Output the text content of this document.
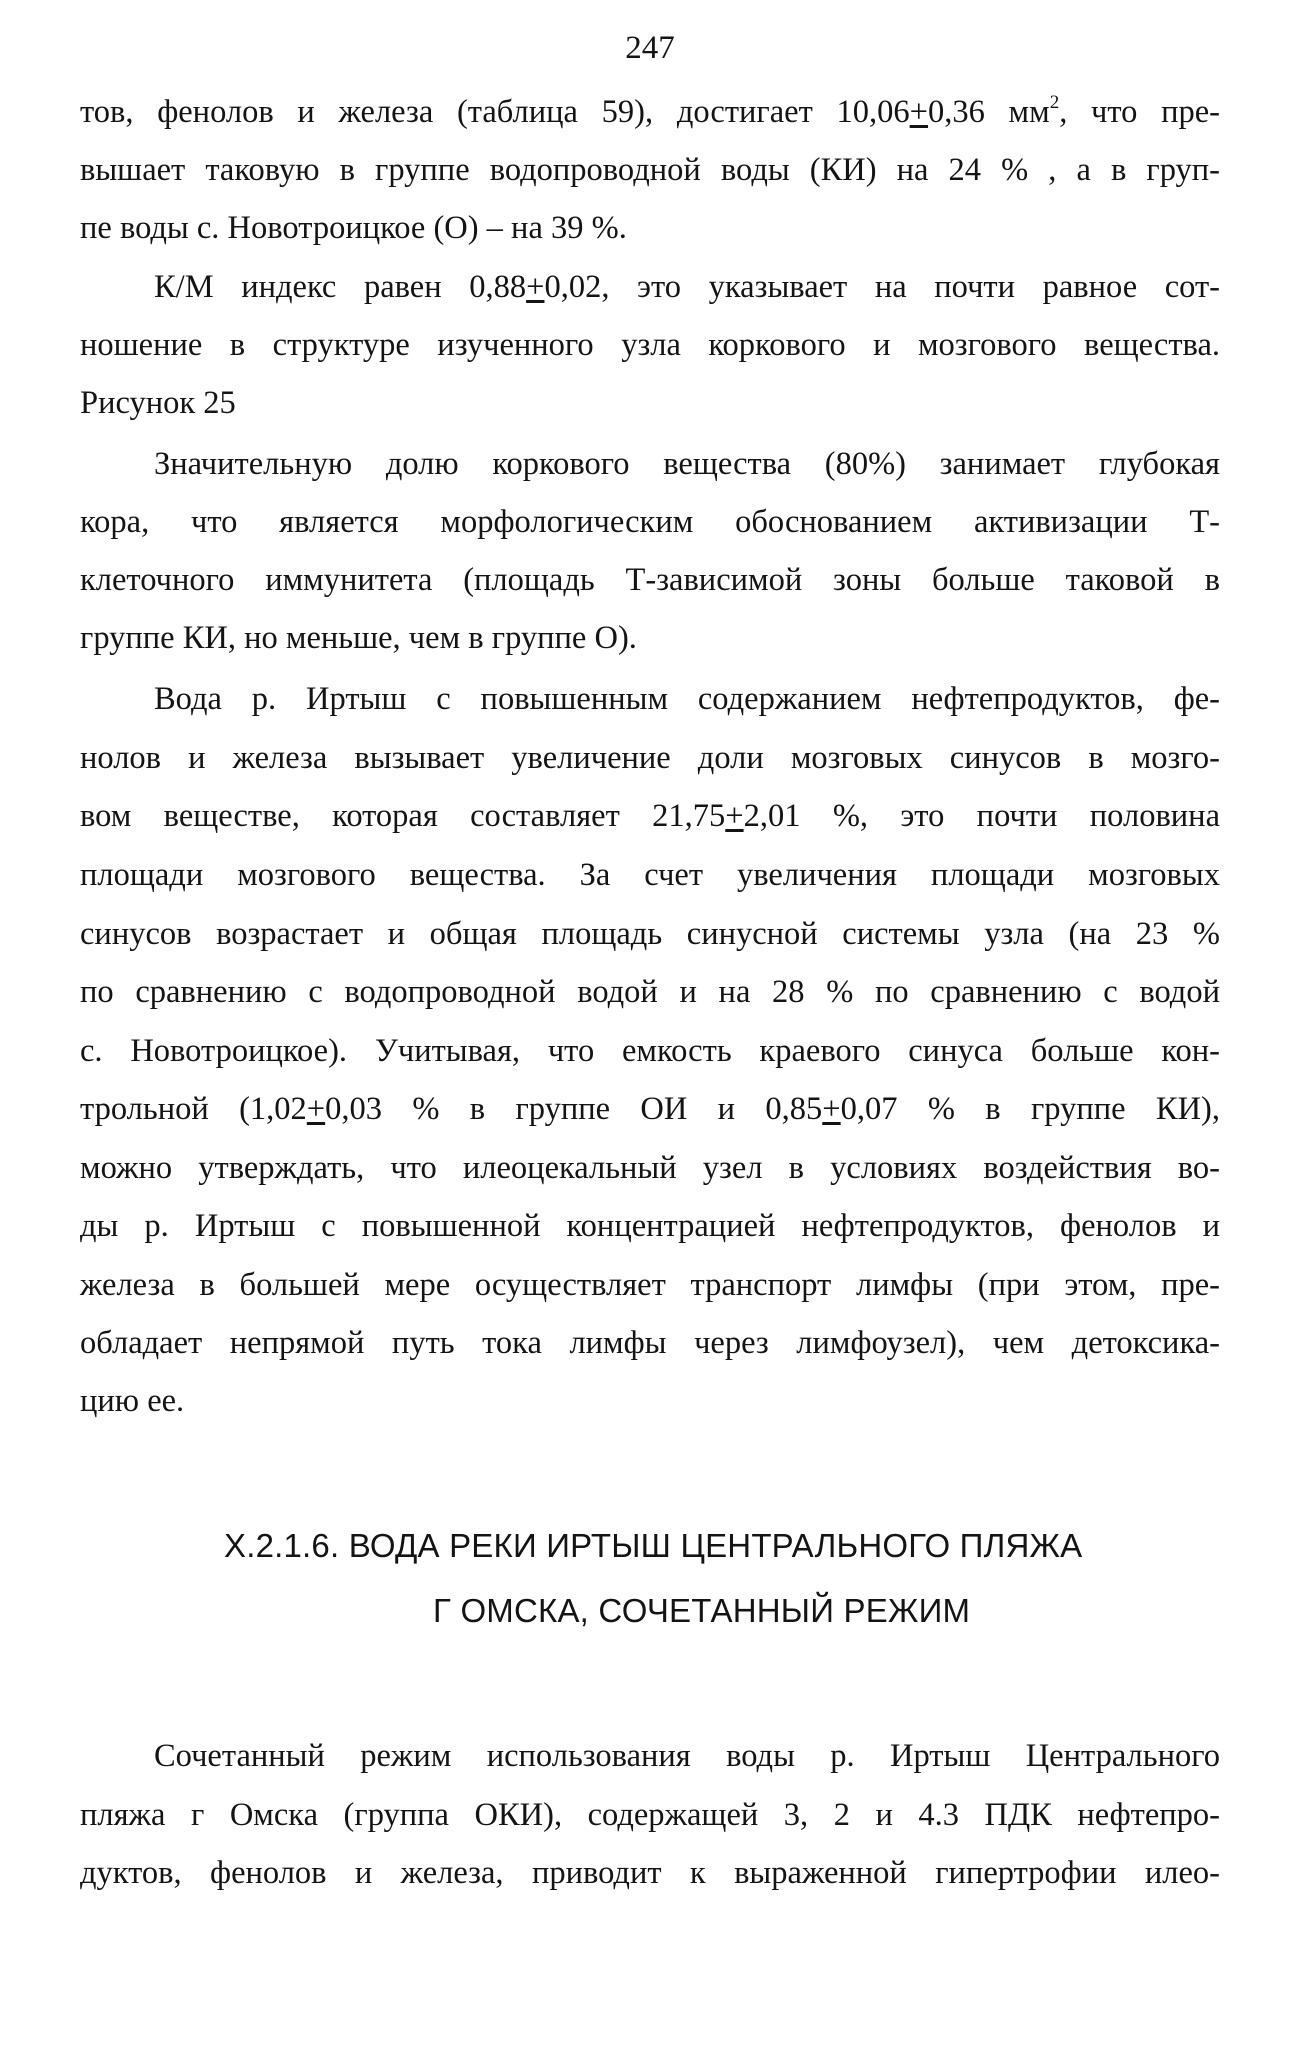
247
тов, фенолов и железа (таблица 59), достигает 10,06+0,36 $мм^2$, что пре-
вышает таковую в группе водопроводной воды (КИ) на 24 % , а в груп-
пе воды с. Новотроицкое (О) – на 39 %.
К/М индекс равен 0,88+0,02, это указывает на почти равное сот-
ношение в структуре изученного узла коркового и мозгового вещества.
Рисунок 25
Значительную долю коркового вещества (80%) занимает глубокая
кора, что является морфологическим обоснованием активизации Т-
клеточного иммунитета (площадь Т-зависимой зоны больше таковой в
группе КИ, но меньше, чем в группе О).
Вода р. Иртыш с повышенным содержанием нефтепродуктов, фе-
нолов и железа вызывает увеличение доли мозговых синусов в мозго-
вом веществе, которая составляет 21,75+2,01 %, это почти половина
площади мозгового вещества. За счет увеличения площади мозговых
синусов возрастает и общая площадь синусной системы узла (на 23 %
по сравнению с водопроводной водой и на 28 % по сравнению с водой
с. Новотроицкое). Учитывая, что емкость краевого синуса больше кон-
трольной (1,02+0,03 % в группе ОИ и 0,85+0,07 % в группе КИ),
можно утверждать, что илеоцекальный узел в условиях воздействия во-
ды р. Иртыш с повышенной концентрацией нефтепродуктов, фенолов и
железа в большей мере осуществляет транспорт лимфы (при этом, пре-
обладает непрямой путь тока лимфы через лимфоузел), чем детоксика-
цию ее.
Х.2.1.6. ВОДА РЕКИ ИРТЫШ ЦЕНТРАЛЬНОГО ПЛЯЖА
Г ОМСКА, СОЧЕТАННЫЙ РЕЖИМ
Сочетанный режим использования воды р. Иртыш Центрального
пляжа г Омска (группа ОКИ), содержащей 3, 2 и 4.3 ПДК нефтепро-
дуктов, фенолов и железа, приводит к выраженной гипертрофии илео-
